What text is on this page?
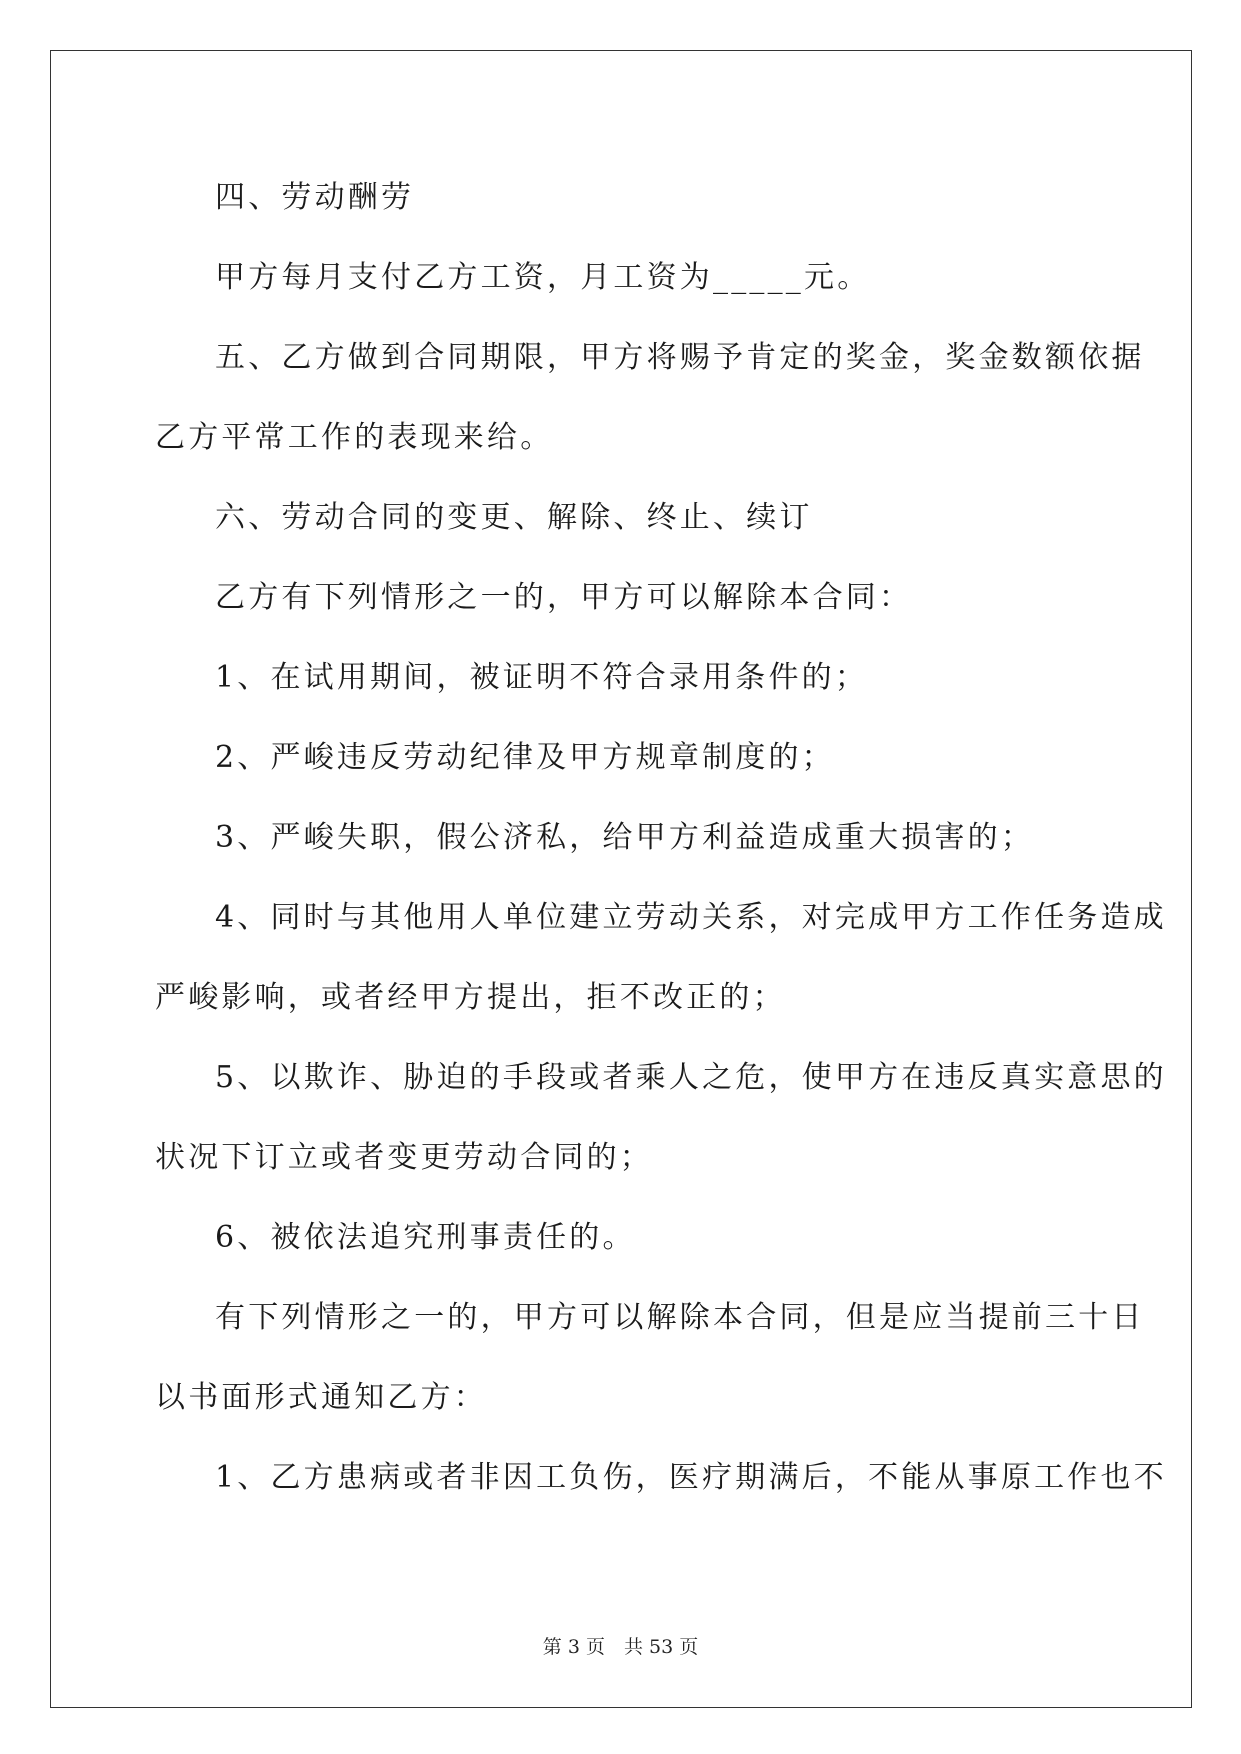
四、劳动酬劳

甲方每月支付乙方工资，月工资为_____元。

五、乙方做到合同期限，甲方将赐予肯定的奖金，奖金数额依据

乙方平常工作的表现来给。

六、劳动合同的变更、解除、终止、续订

乙方有下列情形之一的，甲方可以解除本合同：

1、在试用期间，被证明不符合录用条件的；

2、严峻违反劳动纪律及甲方规章制度的；

3、严峻失职，假公济私，给甲方利益造成重大损害的；

4、同时与其他用人单位建立劳动关系，对完成甲方工作任务造成

严峻影响，或者经甲方提出，拒不改正的；

5、以欺诈、胁迫的手段或者乘人之危，使甲方在违反真实意思的

状况下订立或者变更劳动合同的；

6、被依法追究刑事责任的。

有下列情形之一的，甲方可以解除本合同，但是应当提前三十日

以书面形式通知乙方：

1、乙方患病或者非因工负伤，医疗期满后，不能从事原工作也不

第 3 页　共 53 页
